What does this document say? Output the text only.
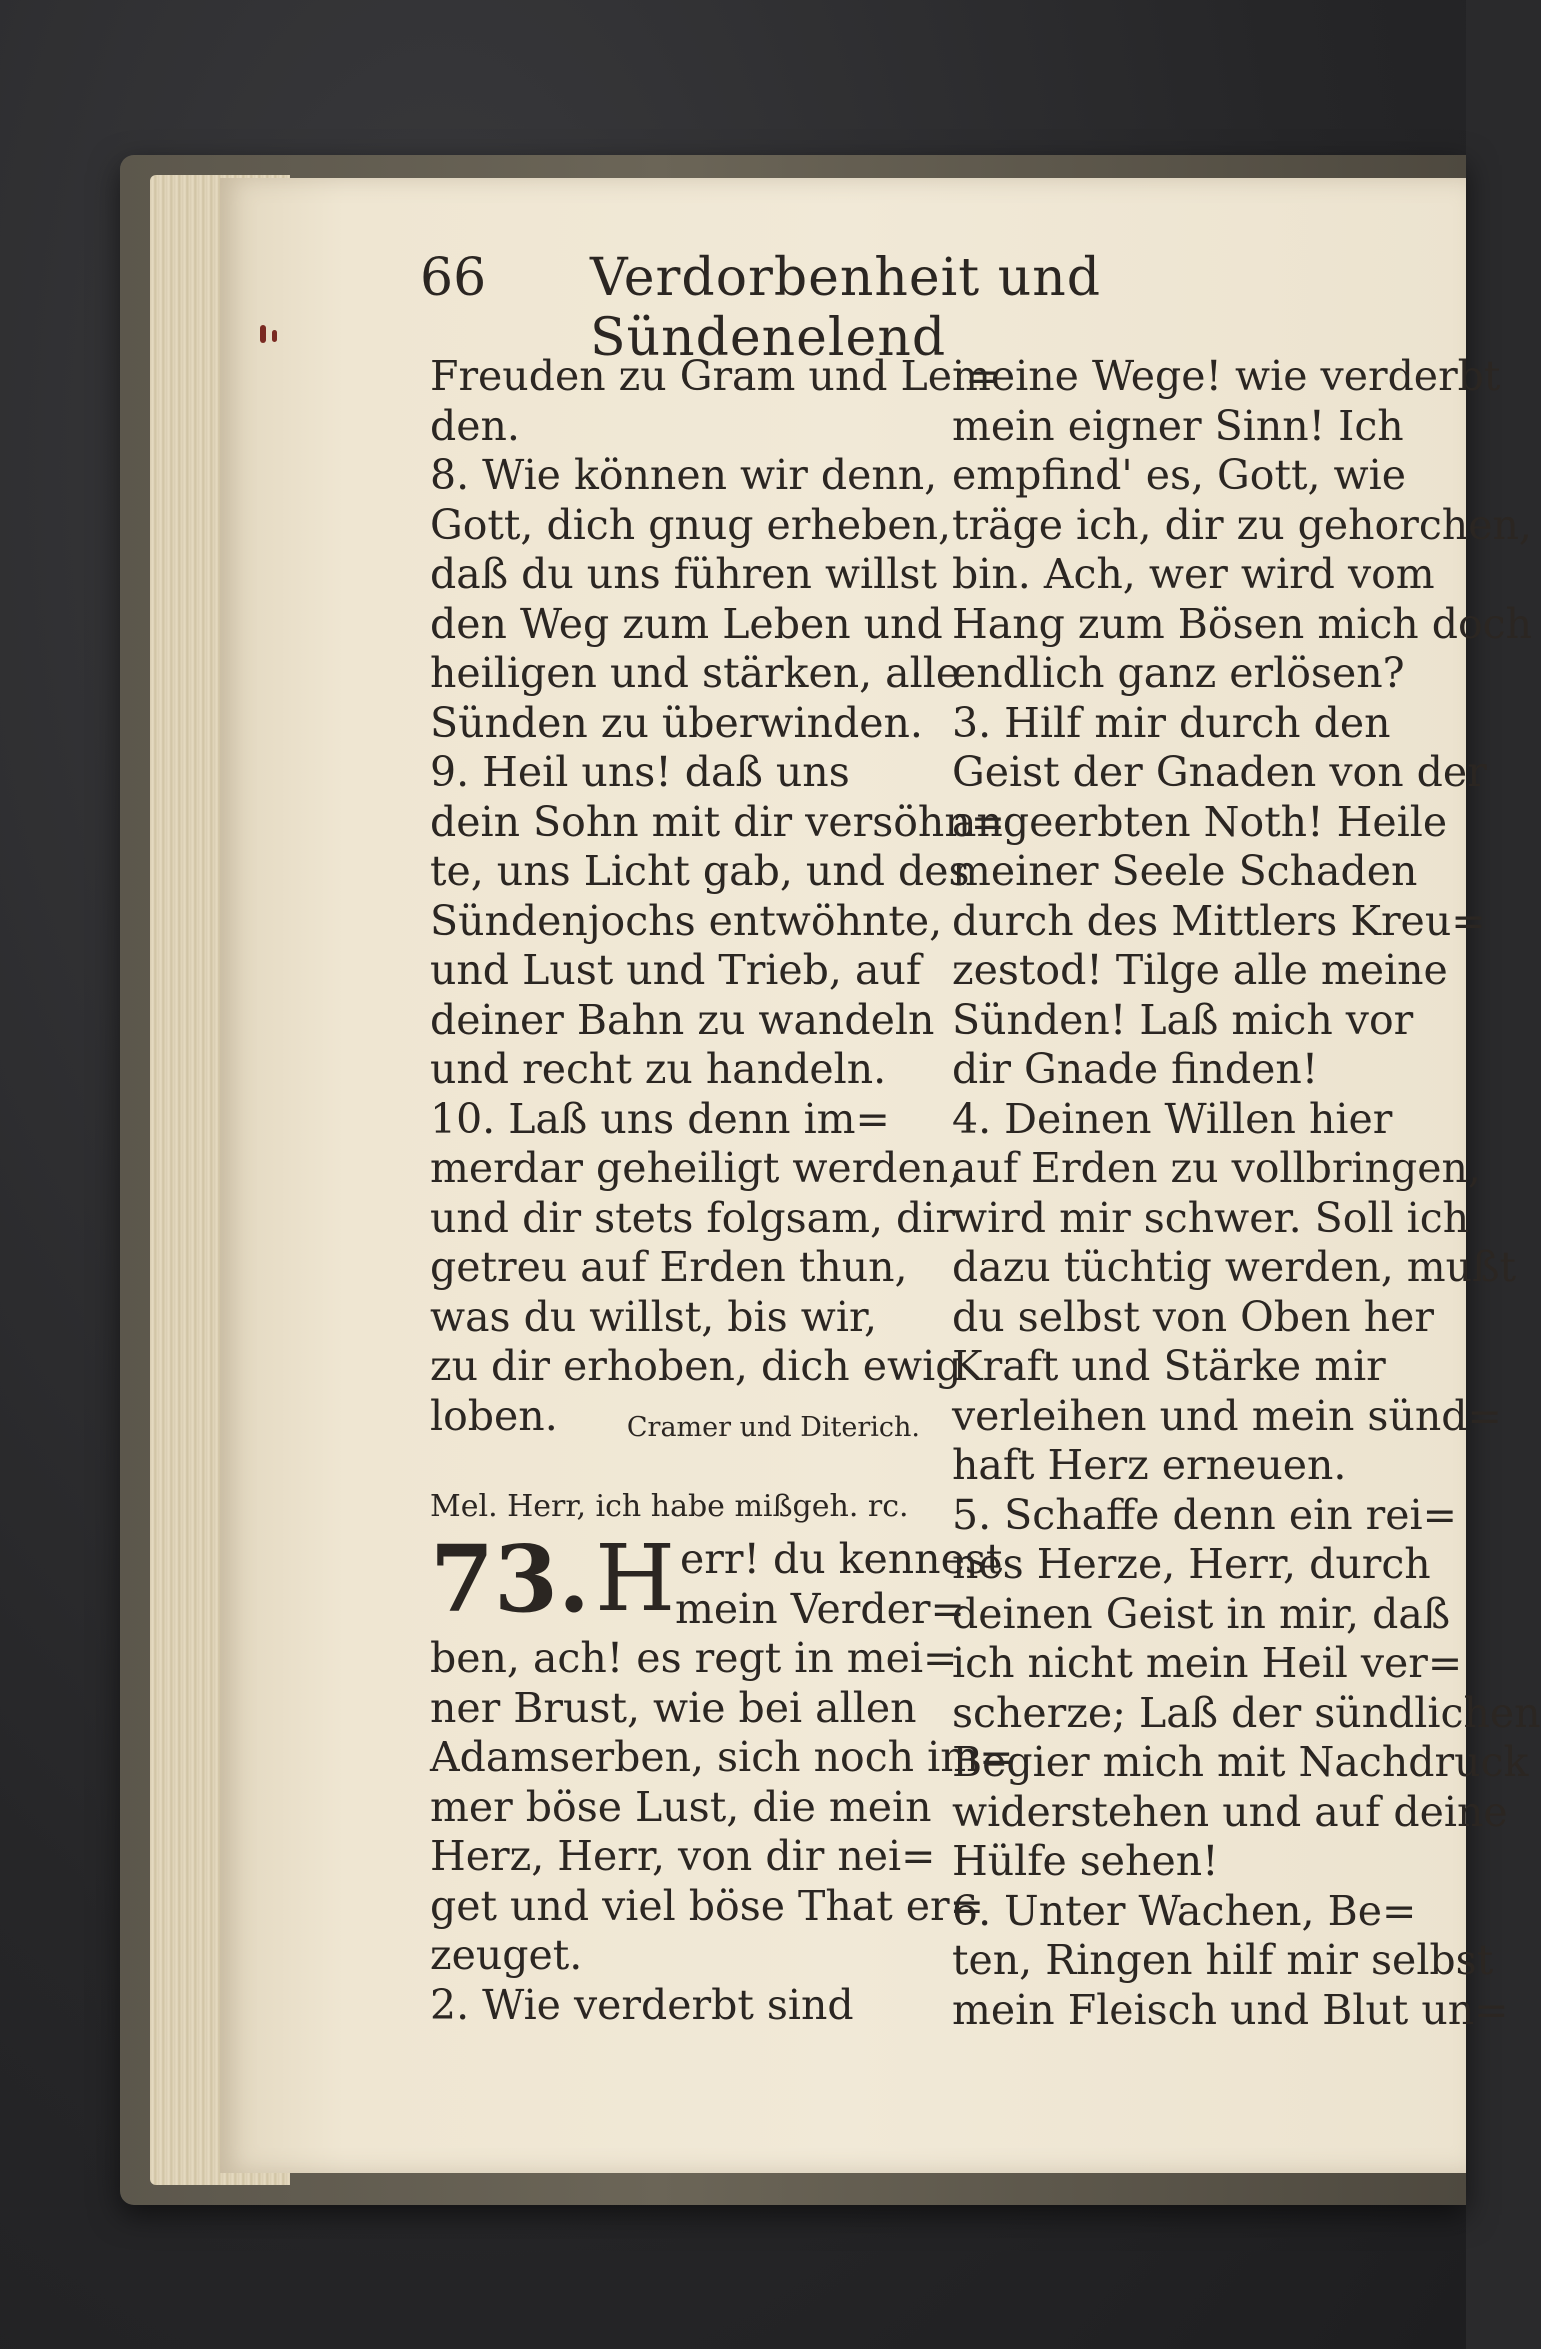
66 Verdorbenheit und Sündenelend
Freuden zu Gram und Lei=
den.
8. Wie können wir denn,
Gott, dich gnug erheben,
daß du uns führen willst
den Weg zum Leben und
heiligen und stärken, alle
Sünden zu überwinden.
9. Heil uns! daß uns
dein Sohn mit dir versöhn=
te, uns Licht gab, und des
Sündenjochs entwöhnte,
und Lust und Trieb, auf
deiner Bahn zu wandeln
und recht zu handeln.
10. Laß uns denn im=
merdar geheiligt werden,
und dir stets folgsam, dir
getreu auf Erden thun,
was du willst, bis wir,
zu dir erhoben, dich ewig
loben.	Cramer und Diterich.
Mel. Herr, ich habe mißgeh. rc.
73. H err! du kennest
mein Verder=
ben, ach! es regt in mei=
ner Brust, wie bei allen
Adamserben, sich noch im=
mer böse Lust, die mein
Herz, Herr, von dir nei=
get und viel böse That er=
zeuget.
2. Wie verderbt sind
meine Wege! wie verderbt
mein eigner Sinn! Ich
empfind' es, Gott, wie
träge ich, dir zu gehorchen,
bin. Ach, wer wird vom
Hang zum Bösen mich doch
endlich ganz erlösen?
3. Hilf mir durch den
Geist der Gnaden von der
angeerbten Noth! Heile
meiner Seele Schaden
durch des Mittlers Kreu=
zestod! Tilge alle meine
Sünden! Laß mich vor
dir Gnade finden!
4. Deinen Willen hier
auf Erden zu vollbringen,
wird mir schwer. Soll ich
dazu tüchtig werden, mußt
du selbst von Oben her
Kraft und Stärke mir
verleihen und mein sünd=
haft Herz erneuen.
5. Schaffe denn ein rei=
nes Herze, Herr, durch
deinen Geist in mir, daß
ich nicht mein Heil ver=
scherze; Laß der sündlichen
Begier mich mit Nachdruck
widerstehen und auf deine
Hülfe sehen!
6. Unter Wachen, Be=
ten, Ringen hilf mir selbst
mein Fleisch und Blut un=
